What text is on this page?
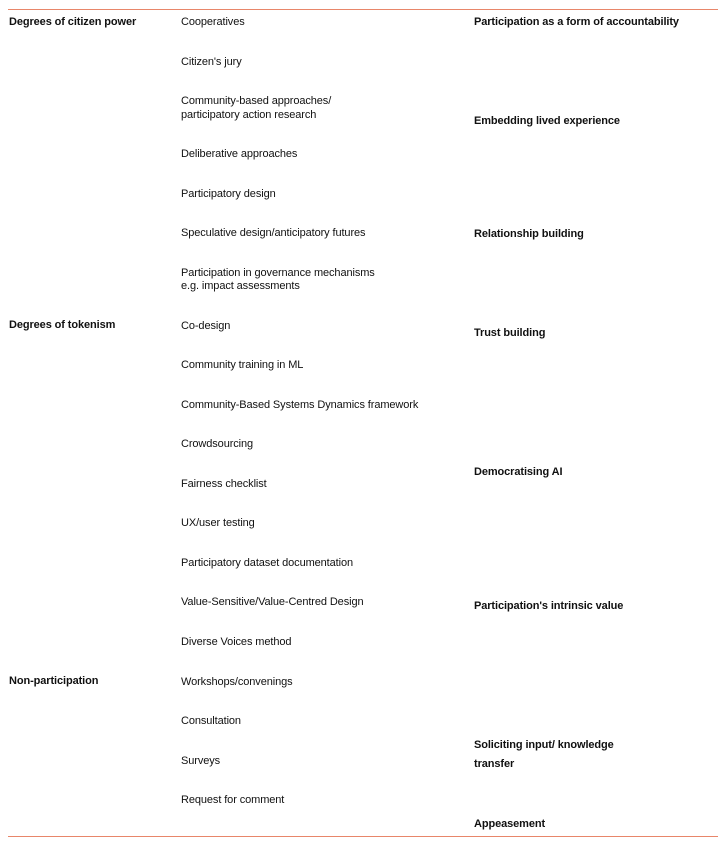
Degrees of citizen power
Degrees of tokenism
Non-participation
Cooperatives
Citizen's jury
Community-based approaches/
participatory action research
Deliberative approaches
Participatory design
Speculative design/anticipatory futures
Participation in governance mechanisms
e.g. impact assessments
Co-design
Community training in ML
Community-Based Systems Dynamics framework
Crowdsourcing
Fairness checklist
UX/user testing
Participatory dataset documentation
Value-Sensitive/Value-Centred Design
Diverse Voices method
Workshops/convenings
Consultation
Surveys
Request for comment
Participation as a form of accountability
Embedding lived experience
Relationship building
Trust building
Democratising AI
Participation's intrinsic value
Soliciting input/ knowledge
transfer
Appeasement
